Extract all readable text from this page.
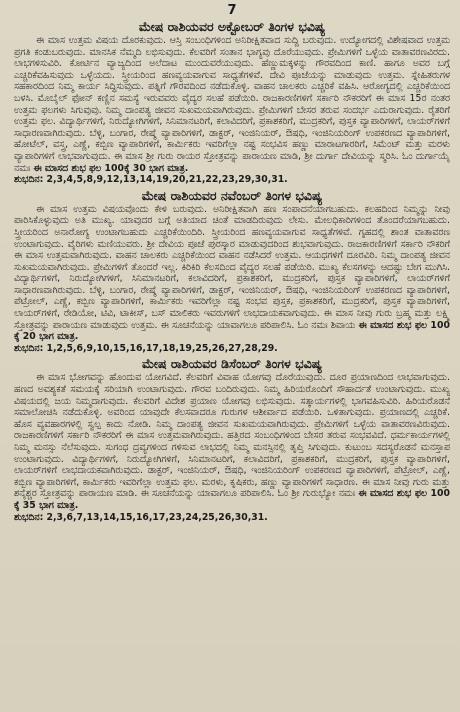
7
ಮೇಷ ರಾಶಿಯವರ ಅಕ್ಟೋಬರ್ ತಿಂಗಳ ಭವಿಷ್ಯ
ಈ ಮಾಸ ಉತ್ತಮ ವಿಷಯ ದೊರಕುವುದು. ಆಸ್ತಿ ಸಂಬಂಧಿಗಳಿಂದ ಅನಿರೀಕ್ಷಿತವಾದ ಸುದ್ದಿ ಬರುವುದು. ಉದ್ಯೋಗದಲ್ಲಿ ವಿಶೇಷವಾದ ಉತ್ತಮ ಪ್ರಗತಿ ಕಂಡುಬರುವುದು. ಮಾನಸಿಕ ನೆಮ್ಮದಿ ಲಭಿಸುವುದು. ಕೆಲವರಿಗೆ ಸಂತಾನ ಭಾಗ್ಯವು ದೊರೆಯುವುದು. ಪ್ರೇಮಿಗಳಿಗೆ ಒಳ್ಳೆಯ ವಾತಾವರಣವಿರದು. ಲಾಭಗಳಿಸುವಿರಿ. ಕೋರ್ಟಿನ ವ್ಯಾಜ್ಯದಿಂದ ಅಲೆದಾಟ ಮುಂದುವರೆಯುವುದು. ಹೆಣ್ಣುಮಕ್ಕಳನ್ನು ಗೌರವದಿಂದ ಕಾಣಿ. ಹಾಗೂ ಅವರ ಬಗ್ಗೆ ಎಚ್ಚರಿಕೆವಹಿಸುವುದು ಒಳ್ಳೆಯದು. ಸ್ತ್ರೀಯರಿಂದ ಹಣವ್ಯಯವಾಗುವ ಸಾಧ್ಯತೆಗಳಿವೆ. ದೇವಿ ಪೂಜೆಯನ್ನು ಮಾಡುವುದು ಉತ್ತಮ. ಸ್ನೇಹಿತರುಗಳ ಸಹಕಾರದಿಂದ ನಿಮ್ಮ ಕಾರ್ಯ ಸಿದ್ಧಿಸುವುದು. ಪತ್ನಿಗೆ ಗೌರವದಿಂದ ನಡೆದುಕೊಳ್ಳಿ. ವಾಹನ ಚಾಲಕರು ಎಚ್ಚರಿಕೆ ವಹಿಸಿ. ಆರೋಗ್ಯದಲ್ಲಿ ಎಚ್ಚರಿಕೆಯಿಂದ ಬಳಸಿ. ಮೊಬೈಲ್ ಫೋನ್ ಕಣ್ಣಿನ ಸಮಸ್ಯೆ ಇರುವವರು ವೈದ್ಯರ ಸಲಹೆ ಪಡೆಯಿರಿ. ರಾಜಕಾರಣಿಗಳಿಗೆ ಸರ್ಕಾರಿ ನೌಕರರಿಗೆ ಈ ಮಾಸ 15ರ ನಂತರ ಉತ್ತಮ ಫಲಗಳು ಸಿಗುವುವು. ನಿಮ್ಮ ದಾಂಪತ್ಯ ಜೀವನ ಸುಖಮಯವಾಗಿರುವುದು. ಪ್ರೇಮಿಗಳಿಗೆ ಬೇಸರ ತರುವ ಸಂದರ್ಭ ಎದುರಾಗುವುದು. ರೈತರಿಗೆ ಉತ್ತಮ ಫಲ. ವಿದ್ಯಾರ್ಥಿಗಳಿಗೆ, ನಿರುದ್ಯೋಗಿಗಳಿಗೆ, ಸಿನಿಮಾನಟರಿಗೆ, ಕಲಾವಿದರಿಗೆ, ಪ್ರಕಾಶಕರಿಗೆ, ಮುದ್ರಕರಿಗೆ, ಪುಸ್ತಕ ವ್ಯಾಪಾರಿಗಳಿಗೆ, ಲಾಯರ್‌ಗಳಿಗೆ ಸಾಧಾರಣವಾಗಿರುವುದು. ಬೆಳ್ಳಿ, ಬಂಗಾರ, ರೇಷ್ಮೆ ವ್ಯಾಪಾರಿಗಳಿಗೆ, ಡಾಕ್ಟರ್, ಇಂಜಿನಿಯರ್, ಔಷಧಿ, ಇಂಜಿನಿಯರಿಂಗ್ ಉಪಕರಣದ ವ್ಯಾಪಾರಿಗಳಿಗೆ, ಹೋಟೆಲ್, ವಸ್ತ್ರ, ಎಣ್ಣೆ, ಕಬ್ಬಿಣ ವ್ಯಾಪಾರಿಗಳಿಗೆ, ಕಾರ್ಮಿಕರು ಇವರಿಗೆಲ್ಲಾ ನಷ್ಟ ಸಂಭವಿಸ ಹಣ್ಣು ಮಾರಾಟಗಾರರಿಗೆ, ಸಿಮೆಂಟ್ ಮತ್ತು ಮರಳು ವ್ಯಾಪಾರಿಗಳಿಗೆ ಲಾಭವಾಗುವುದು. ಈ ಮಾಸ ಶ್ರೀ ಗುರು ರಾಯರ ಸ್ತೋತ್ರವನ್ನು ಪಾರಾಯಣ ಮಾಡಿ, ಶ್ರೀ ದುರ್ಗಾ ದೇವಿಯನ್ನು ಸ್ಮರಿಸಿ. ಓಂ ದುರ್ಗಾಯೈ ನಮಃ ಈ ಮಾಸದ ಶುಭ ಫಲ 100ಕ್ಕೆ 30 ಭಾಗ ಮಾತ್ರ.
ಶುಭದಿನ: 2,3,4,5,8,9,12,13,14,19,20,21,22,23,29,30,31.
ಮೇಷ ರಾಶಿಯವರ ನವೆಂಬರ್ ತಿಂಗಳ ಭವಿಷ್ಯ
ಈ ಮಾಸ ಉತ್ತಮ ವಿಷಯವೊಂದು ಕೇಳಿ ಬರುವುದು. ಅನಿರೀಕ್ಷಿತವಾಗಿ ಹಣ ಸಂಪಾದನೆಯಾಗಬಹುದು. ಕಲಹದಿಂದ ನಿಮ್ಮನ್ನು ನೀವು ಪಾರಿಸಿಕೊಳ್ಳುವುದು ಅತಿ ಮುಖ್ಯ. ಯಾವುದರ ಬಗ್ಗೆ ಅತಿಯಾದ ಚಿಂತೆ ಮಾಡದಿರುವುದು ಲೇಸು. ಮೇಲಧಿಕಾರಿಗಳಿಂದ ತೊಂದರೆಯಾಗಬಹುದು. ಸ್ತ್ರೀಯರಿಂದ ಅನಾರೋಗ್ಯ ಉಂಟಾಗಬಹುದು ಎಚ್ಚರಿಕೆಯಿಂದಿರಿ. ಸ್ತ್ರೀಯರಿಂದ ಹಣವ್ಯಯವಾಗುವ ಸಾಧ್ಯತೆಗಳಿವೆ. ಗೃಹದಲ್ಲಿ ಶಾಂತ ವಾತಾವರಣ ಉಂಟಾಗುವುದು. ವೈರಿಗಳು ಮಣಿಯುವರು. ಶ್ರೀ ದೇವಿಯ ಪೂಜೆ ಪುರಸ್ಕಾರ ಮಾಡುವುದರಿಂದ ಶುಭವಾಗುವುದು. ರಾಜಕಾರಣಿಗಳಿಗೆ ಸರ್ಕಾರಿ ನೌಕರಿಗೆ ಈ ಮಾಸ ಉತ್ತಮವಾಗಿರುವುದು. ವಾಹನ ಚಾಲಕರು ಎಚ್ಚರಿಕೆಯಿಂದ ವಾಹನ ನಡೆಸಿದರೆ ಉತ್ತಮ. ಆಯಧಗಳಿಗೆ ದೂರವಿರಿ. ನಿಮ್ಮ ದಾಂಪತ್ಯ ಜೀವನ ಸುಖಮಯವಾಗಿರುವುದು. ಪ್ರೇಮಿಗಳಿಗೆ ತೊಂದರೆ ಇಲ್ಲ. ಕಿರಿಕಿರಿ ಕೆಲಸದಿಂದ ವೈದ್ಯರ ಸಲಹೆ ಪಡೆಯಿರಿ. ಮುಖ್ಯ ಕೆಲಸಗಳನ್ನು ಆದಷ್ಟು ಬೇಗ ಮುಗಿಸಿ. ವಿದ್ಯಾರ್ಥಿಗಳಿಗೆ, ನಿರುದ್ಯೋಗಿಗಳಿಗೆ, ಸಿನಿಮಾನಟರಿಗೆ, ಕಲಾವಿದರಿಗೆ, ಪ್ರಕಾಶಕರಿಗೆ, ಮುದ್ರಕರಿಗೆ, ಪುಸ್ತಕ ವ್ಯಾಪಾರಿಗಳಿಗೆ, ಲಾಯರ್‌ಗಳಿಗೆ ಸಾಧಾರಣವಾಗಿರುವುದು. ಬೆಳ್ಳಿ, ಬಂಗಾರ, ರೇಷ್ಮೆ ವ್ಯಾಪಾರಿಗಳಿಗೆ, ಡಾಕ್ಟರ್, ಇಂಜಿನಿಯರ್, ಔಷಧಿ, ಇಂಜಿನಿಯರಿಂಗ್ ಉಪಕರಣದ ವ್ಯಾಪಾರಿಗಳಿಗೆ, ಪೆಟ್ರೋಲ್, ಎಣ್ಣೆ, ಕಬ್ಬಿಣ ವ್ಯಾಪಾರಿಗಳಿಗೆ, ಕಾರ್ಮಿಕರು ಇವರಿಗೆಲ್ಲಾ ನಷ್ಟ ಸಂಭವ ಪುಸ್ತಕ, ಪ್ರಕಾಶಕರಿಗೆ, ಮುದ್ರಕರಿಗೆ, ಪುಸ್ತಕ ವ್ಯಾಪಾರಿಗಳಿಗೆ, ಲಾಯರ್‌ಗಳಿಗೆ, ರೇಡಿಯೋ, ಟಿವಿ, ಟಾಕೀಸ್, ಬಸ್ ಮಾಲಿಕರು ಇವರುಗಳಿಗೆ ಲಾಭದಾಯಕವಾಗುವುದು. ಈ ಮಾಸ ನೀವು ಗುರು ಬ್ರಹ್ಮ ಮತ್ತು ಲಕ್ಷ್ಮಿ ಸ್ತೋತ್ರವನ್ನು ಪಾರಾಯಣ ಮಾಡುವುದು ಉತ್ತಮ. ಈ ಸೂಚನೆಯನ್ನು ಯಾವಾಗಲೂ ಪರಿಪಾಲಿಸಿ. ಓಂ ನಮಃ ಶಿವಾಯ ಈ ಮಾಸದ ಶುಭ ಫಲ 100 ಕ್ಕೆ 20 ಭಾಗ ಮಾತ್ರ.
ಶುಭದಿನ: 1,2,5,6,9,10,15,16,17,18,19,25,26,27,28,29.
ಮೇಷ ರಾಶಿಯವರ ಡಿಸೆಂಬರ್ ತಿಂಗಳ ಭವಿಷ್ಯ
ಈ ಮಾಸ ಭೋಗವನ್ನು ಹೊಂದುವ ಯೋಗವಿದೆ. ಕೆಲವರಿಗೆ ವಿವಾಹ ಯೋಗವು ದೊರೆಯುವುದು. ದೂರ ಪ್ರಯಾಣದಿಂದ ಲಾಭವಾಗುವುದು. ಹಣದ ಅವಶ್ಯಕತೆ ಸಮಯಕ್ಕೆ ಸರಿಯಾಗಿ ಉಂಟಾಗುವುದು. ಗೌರವ ಬಂದಿರುವುದು. ನಿಮ್ಮ ಹಿರಿಯರೊಂದಿಗೆ ಸೌಹಾರ್ದತೆ ಉಂಟಾಗುವುದು. ಮುಖ್ಯ ವಿಷಯದಲ್ಲಿ ಜಯ ನಿಮ್ಮದಾಗುವುದು. ಕೆಲವರಿಗೆ ವಿದೇಶ ಪ್ರಯಾಣ ಯೋಗವು ಲಭಿಸುವುದು. ಸತ್ಕಾರ್ಯಗಳಲ್ಲಿ ಭಾಗವಹಿಸುವಿರಿ. ಹಿರಿಯರೊಡನೆ ಸಮಾಲೋಚಿಸಿ ನಡೆದುಕೊಳ್ಳಿ. ಅವರಿಂದ ಯಾವುದೇ ಕೆಲಸವಾದರೂ ಗುರುಗಳ ಆಶೀರ್ವಾದ ಪಡೆಯಿರಿ. ಒಳಿತಾಗುವುದು. ಪ್ರಯಾಣದಲ್ಲಿ ಎಚ್ಚರಿಕೆ. ಹೊಸ ವ್ಯವಹಾರಗಳಲ್ಲಿ ಸ್ವಲ್ಪ ಕಾದು ನೋಡಿ. ನಿಮ್ಮ ದಾಂಪತ್ಯ ಜೀವನ ಸುಖಮಯವಾಗಿರುವುದು. ಪ್ರೇಮಿಗಳಿಗೆ ಒಳ್ಳೆಯ ವಾತಾವರಣವಿರುವುದು. ರಾಜಕಾರಣಿಗಳಿಗೆ ಸರ್ಕಾರಿ ನೌಕರರಿಗೆ ಈ ಮಾಸ ಉತ್ತಮವಾಗಿರುವುದು. ಹತ್ತಿರದ ಸಂಬಂಧಿಗಳಿಂದ ಬೇಸರ ತರುವ ಸಂಭವವಿದೆ. ಧರ್ಮಕಾರ್ಯಗಳಲ್ಲಿ ನಿಮ್ಮ ಮನಸ್ಸು ನೆಲೆಸುವುದು. ಸುಗಂಧ ದ್ರವ್ಯಗಳಿಂದ ಗಳಿಸುವ ಲಾಭದಲ್ಲಿ ನಿಮ್ಮ ಮನಸ್ಸಿನಲ್ಲಿ ತೃಪ್ತಿ ಸಿಗುವುದು. ಕುಟುಂಬ ಸದಸ್ಯರೊಡನೆ ಮನಸ್ತಾಪ ಉಂಟಾಗುವುದು. ವಿದ್ಯಾರ್ಥಿಗಳಿಗೆ, ನಿರುದ್ಯೋಗಿಗಳಿಗೆ, ಸಿನಿಮಾನಟರಿಗೆ, ಕಲಾವಿದರಿಗೆ, ಪ್ರಕಾಶಕರಿಗೆ, ಮುದ್ರಕರಿಗೆ, ಪುಸ್ತಕ ವ್ಯಾಪಾರಿಗಳಿಗೆ, ಲಾಯರ್‌ಗಳಿಗೆ ಲಾಭದಾಯಕವಾಗಿರುವುದು. ಡಾಕ್ಟರ್, ಇಂಜಿನಿಯರ್, ಔಷಧಿ, ಇಂಜಿನಿಯರಿಂಗ್ ಉಪಕರಣದ ವ್ಯಾಪಾರಿಗಳಿಗೆ, ಪೆಟ್ರೋಲ್, ಎಣ್ಣೆ, ಕಬ್ಬಿಣ ವ್ಯಾಪಾರಿಗಳಿಗೆ, ಕಾರ್ಮಿಕರು ಇವರಿಗೆಲ್ಲಾ ಉತ್ತಮ ಫಲ. ಮರಳು, ಕೃಷಿಕರು, ಹಣ್ಣು ವ್ಯಾಪಾರಿಗಳಿಗೆ ಸಾಧಾರಣ. ಈ ಮಾಸ ನೀವು ಗುರು ಮತ್ತು ಶನೈಶ್ಚರ ಸ್ತೋತ್ರವನ್ನು ಪಾರಾಯಣ ಮಾಡಿ. ಈ ಸೂಚನೆಯನ್ನು ಯಾವಾಗಲೂ ಪರಿಪಾಲಿಸಿ. ಓಂ ಶ್ರೀ ಗುರುಭ್ಯೋ ನಮಃ ಈ ಮಾಸದ ಶುಭ ಫಲ 100 ಕ್ಕೆ 35 ಭಾಗ ಮಾತ್ರ.
ಶುಭದಿನ: 2,3,6,7,13,14,15,16,17,23,24,25,26,30,31.
